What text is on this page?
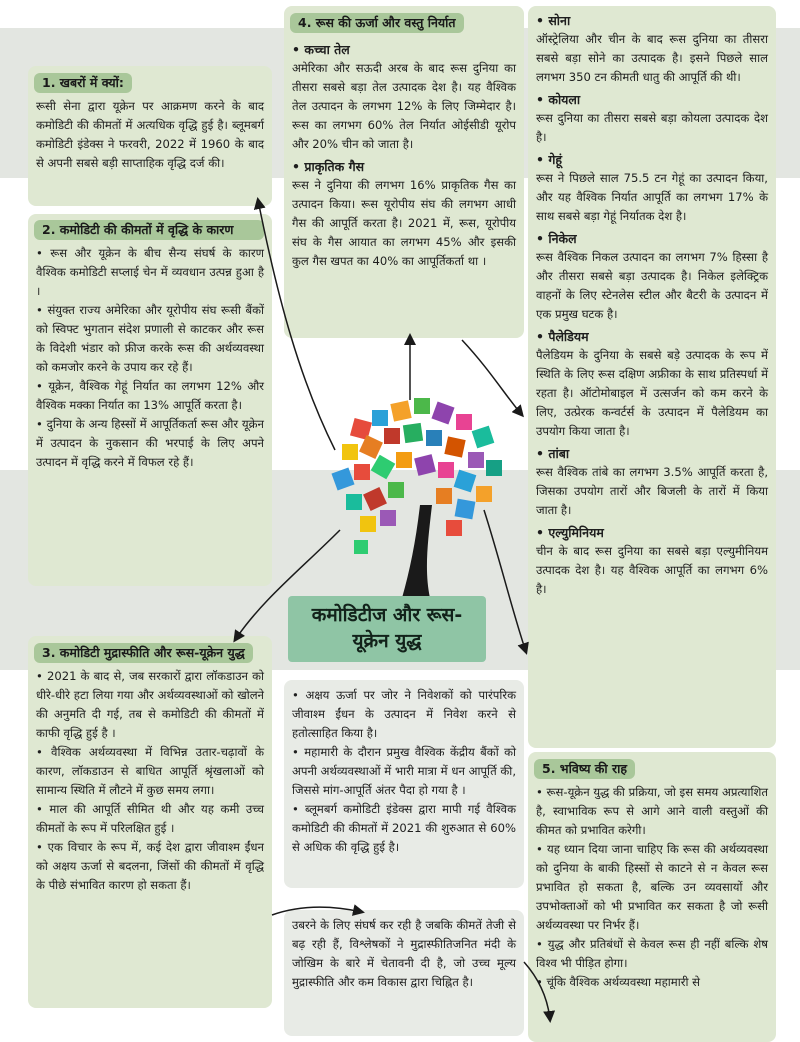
1. खबरों में क्यों:

रूसी सेना द्वारा यूक्रेन पर आक्रमण करने के बाद कमोडिटी की कीमतों में अत्यधिक वृद्धि हुई है। ब्लूमबर्ग कमोडिटी इंडेक्स ने फरवरी, 2022 में 1960 के बाद से अपनी सबसे बड़ी साप्ताहिक वृद्धि दर्ज की।

2. कमोडिटी की कीमतों में वृद्धि के कारण

• रूस और यूक्रेन के बीच सैन्य संघर्ष के कारण वैश्विक कमोडिटी सप्लाई चेन में व्यवधान उत्पन्न हुआ है ।

• संयुक्त राज्य अमेरिका और यूरोपीय संघ रूसी बैंकों को स्विफ्ट भुगतान संदेश प्रणाली से काटकर और रूस के विदेशी भंडार को फ्रीज करके रूस की अर्थव्यवस्था को कमजोर करने के उपाय कर रहे हैं।

• यूक्रेन, वैश्विक गेहूं निर्यात का लगभग 12% और वैश्विक मक्का निर्यात का 13% आपूर्ति करता है।

• दुनिया के अन्य हिस्सों में आपूर्तिकर्ता रूस और यूक्रेन में उत्पादन के नुकसान की भरपाई के लिए अपने उत्पादन में वृद्धि करने में विफल रहे हैं।

4. रूस की ऊर्जा और वस्तु निर्यात
• कच्चा तेल

अमेरिका और सऊदी अरब के बाद रूस दुनिया का तीसरा सबसे बड़ा तेल उत्पादक देश है। यह वैश्विक तेल उत्पादन के लगभग 12% के लिए जिम्मेदार है। रूस का लगभग 60% तेल निर्यात ओईसीडी यूरोप और 20% चीन को जाता है।

• प्राकृतिक गैस

रूस ने दुनिया की लगभग 16% प्राकृतिक गैस का उत्पादन किया। रूस यूरोपीय संघ की लगभग आधी गैस की आपूर्ति करता है। 2021 में, रूस, यूरोपीय संघ के गैस आयात का लगभग 45% और इसकी कुल गैस खपत का 40% का आपूर्तिकर्ता था ।

• सोना

ऑस्ट्रेलिया और चीन के बाद रूस दुनिया का तीसरा सबसे बड़ा सोने का उत्पादक है। इसने पिछले साल लगभग 350 टन कीमती धातु की आपूर्ति की थी।

• कोयला

रूस दुनिया का तीसरा सबसे बड़ा कोयला उत्पादक देश है।

• गेहूं

रूस ने पिछले साल 75.5 टन गेहूं का उत्पादन किया, और यह वैश्विक निर्यात आपूर्ति का लगभग 17% के साथ सबसे बड़ा गेहूं निर्यातक देश है।

• निकेल

रूस वैश्विक निकल उत्पादन का लगभग 7% हिस्सा है और तीसरा सबसे बड़ा उत्पादक है। निकेल इलेक्ट्रिक वाहनों के लिए स्टेनलेस स्टील और बैटरी के उत्पादन में एक प्रमुख घटक है।

• पैलेडियम

पैलेडियम के दुनिया के सबसे बड़े उत्पादक के रूप में स्थिति के लिए रूस दक्षिण अफ्रीका के साथ प्रतिस्पर्धा में रहता है। ऑटोमोबाइल में उत्सर्जन को कम करने के लिए, उत्प्रेरक कन्वर्टर्स के उत्पादन में पैलेडियम का उपयोग किया जाता है।

• तांबा

रूस वैश्विक तांबे का लगभग 3.5% आपूर्ति करता है, जिसका उपयोग तारों और बिजली के तारों में किया जाता है।

• एल्युमिनियम

चीन के बाद रूस दुनिया का सबसे बड़ा एल्युमीनियम उत्पादक देश है। यह वैश्विक आपूर्ति का लगभग 6% है।

5. भविष्य की राह

• रूस-यूक्रेन युद्ध की प्रक्रिया, जो इस समय अप्रत्याशित है, स्वाभाविक रूप से आगे आने वाली वस्तुओं की कीमत को प्रभावित करेगी।

• यह ध्यान दिया जाना चाहिए कि रूस की अर्थव्यवस्था को दुनिया के बाकी हिस्सों से काटने से न केवल रूस प्रभावित हो सकता है, बल्कि उन व्यवसायों और उपभोक्ताओं को भी प्रभावित कर सकता है जो रूसी अर्थव्यवस्था पर निर्भर हैं।

• युद्ध और प्रतिबंधों से केवल रूस ही नहीं बल्कि शेष विश्व भी पीड़ित होगा।

• चूंकि वैश्विक अर्थव्यवस्था महामारी से

3. कमोडिटी मुद्रास्फीति और रूस-यूक्रेन युद्ध

• 2021 के बाद से, जब सरकारों द्वारा लॉकडाउन को धीरे-धीरे हटा लिया गया और अर्थव्यवस्थाओं को खोलने की अनुमति दी गई, तब से कमोडिटी की कीमतों में काफी वृद्धि हुई है ।

• वैश्विक अर्थव्यवस्था में विभिन्न उतार-चढ़ावों के कारण, लॉकडाउन से बाधित आपूर्ति श्रृंखलाओं को सामान्य स्थिति में लौटने में कुछ समय लगा।

• माल की आपूर्ति सीमित थी और यह कमी उच्च कीमतों के रूप में परिलक्षित हुई ।

• एक विचार के रूप में, कई देश द्वारा जीवाश्म ईंधन को अक्षय ऊर्जा से बदलना, जिंसों की कीमतों में वृद्धि के पीछे संभावित कारण हो सकता हैं।

• अक्षय ऊर्जा पर जोर ने निवेशकों को पारंपरिक जीवाश्म ईंधन के उत्पादन में निवेश करने से हतोत्साहित किया है।

• महामारी के दौरान प्रमुख वैश्विक केंद्रीय बैंकों को अपनी अर्थव्यवस्थाओं में भारी मात्रा में धन आपूर्ति की, जिससे मांग-आपूर्ति अंतर पैदा हो गया है ।

• ब्लूमबर्ग कमोडिटी इंडेक्स द्वारा मापी गई वैश्विक कमोडिटी की कीमतों में 2021 की शुरुआत से 60% से अधिक की वृद्धि हुई है।

उबरने के लिए संघर्ष कर रही है जबकि कीमतें तेजी से बढ़ रही हैं, विश्लेषकों ने मुद्रास्फीतिजनित मंदी के जोखिम के बारे में चेतावनी दी है, जो उच्च मूल्य मुद्रास्फीति और कम विकास द्वारा चिह्नित है।

कमोडिटीज और रूस-
यूक्रेन युद्ध
